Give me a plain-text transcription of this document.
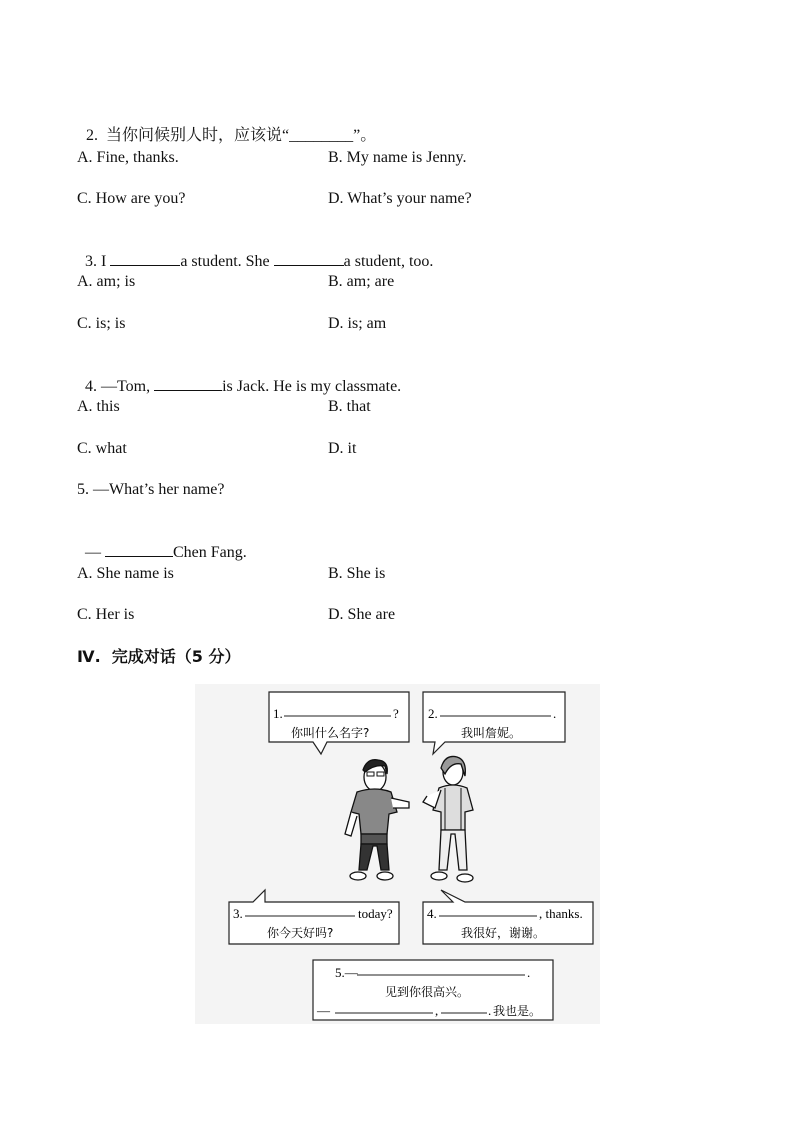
2.  当你问候别人时，应该说“________”。

A. Fine, thanks.	B. My name is Jenny.
C. How are you?	D. What’s your name?

3. I	a student. She	a student, too.

A. am; is	B. am; are
C. is; is	D. is; am

4. —Tom,	is Jack. He is my classmate.

A. this	B. that
C. what	D. it
5. —What’s her name?

—	Chen Fang.

A. She name is	B. She is
C. Her is	D. She are
Ⅳ.  完成对话（5 分）
1.	?
你叫什么名字?
2.	.
我叫詹妮。
3.	today?
你今天好吗?
4.	, thanks.
我很好，谢谢。
5.—	.
见到你很高兴。
—	,	. 我也是。
